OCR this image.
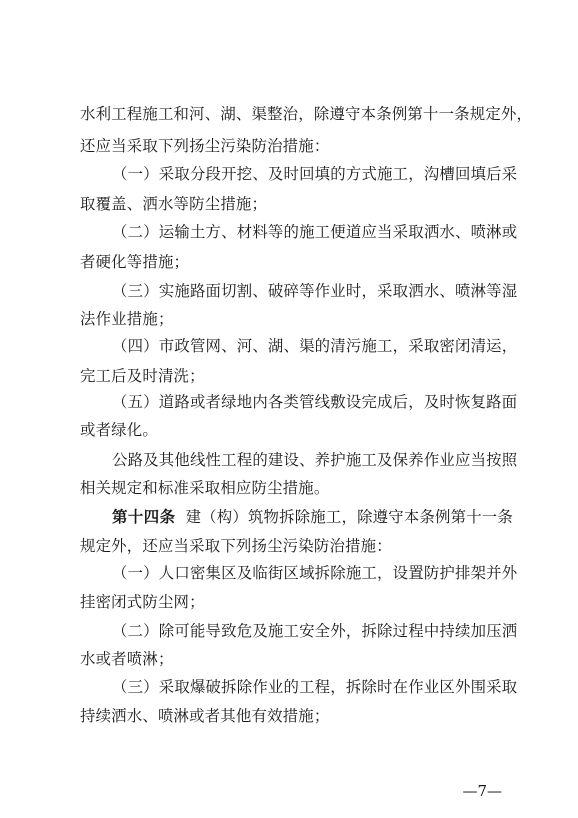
水利工程施工和河、湖、渠整治，除遵守本条例第十一条规定外，
还应当采取下列扬尘污染防治措施：
（一）采取分段开挖、及时回填的方式施工，沟槽回填后采
取覆盖、洒水等防尘措施；
（二）运输土方、材料等的施工便道应当采取洒水、喷淋或
者硬化等措施；
（三）实施路面切割、破碎等作业时，采取洒水、喷淋等湿
法作业措施；
（四）市政管网、河、湖、渠的清污施工，采取密闭清运，
完工后及时清洗；
（五）道路或者绿地内各类管线敷设完成后，及时恢复路面
或者绿化。
公路及其他线性工程的建设、养护施工及保养作业应当按照
相关规定和标准采取相应防尘措施。
第十四条 建（构）筑物拆除施工，除遵守本条例第十一条
规定外，还应当采取下列扬尘污染防治措施：
（一）人口密集区及临街区域拆除施工，设置防护排架并外
挂密闭式防尘网；
（二）除可能导致危及施工安全外，拆除过程中持续加压洒
水或者喷淋；
（三）采取爆破拆除作业的工程，拆除时在作业区外围采取
持续洒水、喷淋或者其他有效措施；
—7—
